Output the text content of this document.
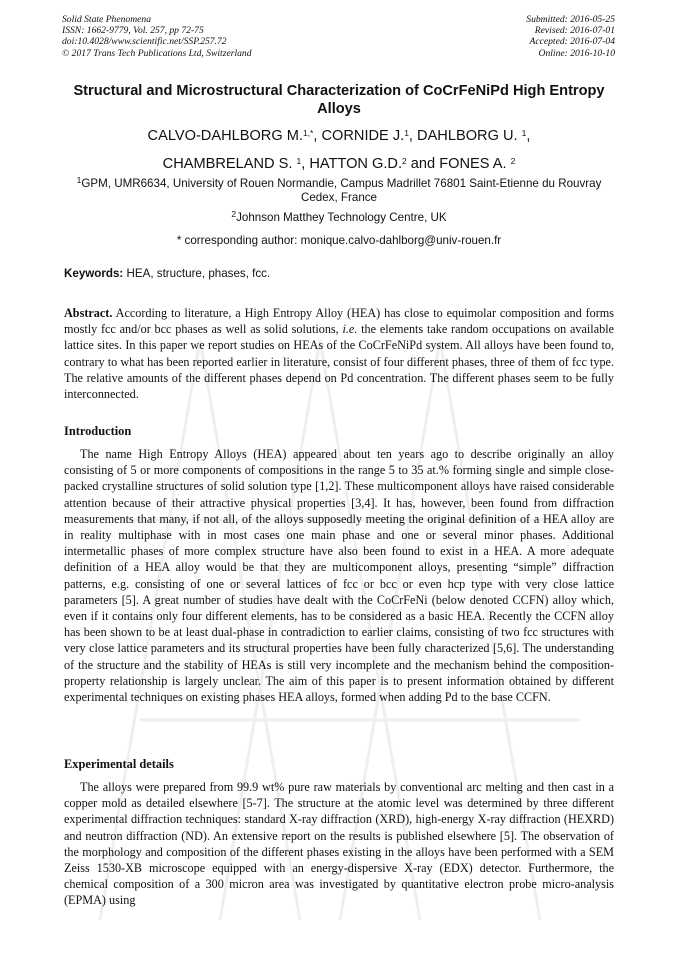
Solid State Phenomena
ISSN: 1662-9779, Vol. 257, pp 72-75
doi:10.4028/www.scientific.net/SSP.257.72
© 2017 Trans Tech Publications Ltd, Switzerland
Submitted: 2016-05-25
Revised: 2016-07-01
Accepted: 2016-07-04
Online: 2016-10-10
Structural and Microstructural Characterization of CoCrFeNiPd High Entropy Alloys
CALVO-DAHLBORG M.$^{1,*}$, CORNIDE J.$^1$, DAHLBORG U. $^1$,
CHAMBRELAND S. $^1$, HATTON G.D.$^2$ and FONES A. $^2$
$^1$GPM, UMR6634, University of Rouen Normandie, Campus Madrillet 76801 Saint-Etienne du Rouvray Cedex, France
$^2$Johnson Matthey Technology Centre, UK
* corresponding author: monique.calvo-dahlborg@univ-rouen.fr
Keywords: HEA, structure, phases, fcc.
Abstract. According to literature, a High Entropy Alloy (HEA) has close to equimolar composition and forms mostly fcc and/or bcc phases as well as solid solutions, i.e. the elements take random occupations on available lattice sites. In this paper we report studies on HEAs of the CoCrFeNiPd system. All alloys have been found to, contrary to what has been reported earlier in literature, consist of four different phases, three of them of fcc type. The relative amounts of the different phases depend on Pd concentration. The different phases seem to be fully interconnected.
Introduction
The name High Entropy Alloys (HEA) appeared about ten years ago to describe originally an alloy consisting of 5 or more components of compositions in the range 5 to 35 at.% forming single and simple close-packed crystalline structures of solid solution type [1,2]. These multicomponent alloys have raised considerable attention because of their attractive physical properties [3,4]. It has, however, been found from diffraction measurements that many, if not all, of the alloys supposedly meeting the original definition of a HEA alloy are in reality multiphase with in most cases one main phase and one or several minor phases. Additional intermetallic phases of more complex structure have also been found to exist in a HEA. A more adequate definition of a HEA alloy would be that they are multicomponent alloys, presenting “simple” diffraction patterns, e.g. consisting of one or several lattices of fcc or bcc or even hcp type with very close lattice parameters [5]. A great number of studies have dealt with the CoCrFeNi (below denoted CCFN) alloy which, even if it contains only four different elements, has to be considered as a basic HEA. Recently the CCFN alloy has been shown to be at least dual-phase in contradiction to earlier claims, consisting of two fcc structures with very close lattice parameters and its structural properties have been fully characterized [5,6]. The understanding of the structure and the stability of HEAs is still very incomplete and the mechanism behind the composition-property relationship is largely unclear. The aim of this paper is to present information obtained by different experimental techniques on existing phases HEA alloys, formed when adding Pd to the base CCFN.
Experimental details
The alloys were prepared from 99.9 wt% pure raw materials by conventional arc melting and then cast in a copper mold as detailed elsewhere [5-7]. The structure at the atomic level was determined by three different experimental diffraction techniques: standard X-ray diffraction (XRD), high-energy X-ray diffraction (HEXRD) and neutron diffraction (ND). An extensive report on the results is published elsewhere [5]. The observation of the morphology and composition of the different phases existing in the alloys have been performed with a SEM Zeiss 1530-XB microscope equipped with an energy-dispersive X-ray (EDX) detector. Furthermore, the chemical composition of a 300 micron area was investigated by quantitative electron probe micro-analysis (EPMA) using
